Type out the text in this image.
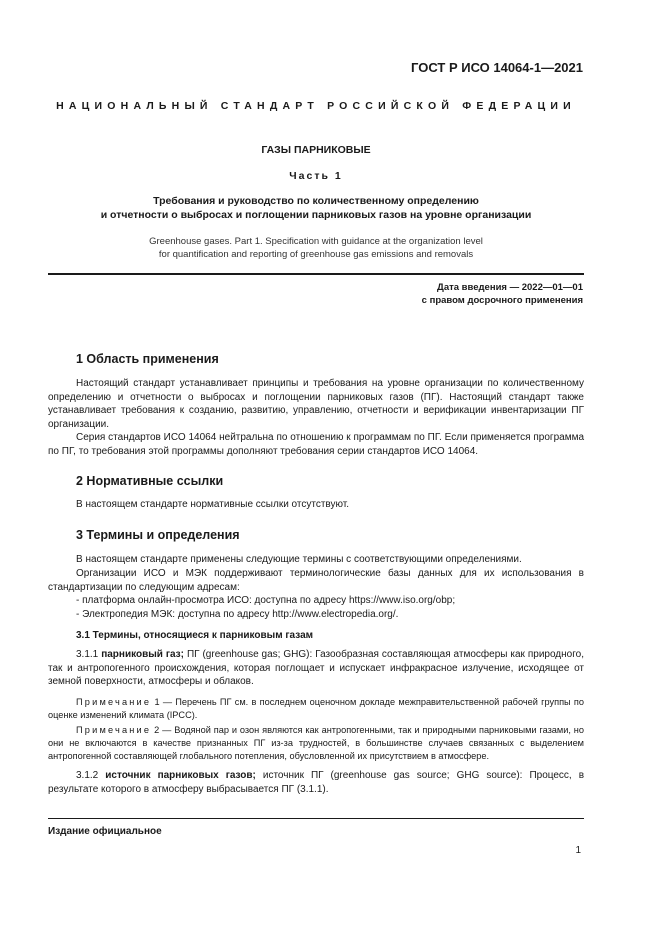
ГОСТ Р ИСО 14064-1—2021
НАЦИОНАЛЬНЫЙ СТАНДАРТ РОССИЙСКОЙ ФЕДЕРАЦИИ
ГАЗЫ ПАРНИКОВЫЕ
Часть 1
Требования и руководство по количественному определению
и отчетности о выбросах и поглощении парниковых газов на уровне организации
Greenhouse gases. Part 1. Specification with guidance at the organization level
for quantification and reporting of greenhouse gas emissions and removals
Дата введения — 2022—01—01
с правом досрочного применения
1 Область применения
Настоящий стандарт устанавливает принципы и требования на уровне организации по количественному определению и отчетности о выбросах и поглощении парниковых газов (ПГ). Настоящий стандарт также устанавливает требования к созданию, развитию, управлению, отчетности и верификации инвентаризации ПГ организации.
Серия стандартов ИСО 14064 нейтральна по отношению к программам по ПГ. Если применяется программа по ПГ, то требования этой программы дополняют требования серии стандартов ИСО 14064.
2 Нормативные ссылки
В настоящем стандарте нормативные ссылки отсутствуют.
3 Термины и определения
В настоящем стандарте применены следующие термины с соответствующими определениями.
Организации ИСО и МЭК поддерживают терминологические базы данных для их использования в стандартизации по следующим адресам:
- платформа онлайн-просмотра ИСО: доступна по адресу https://www.iso.org/obp;
- Электропедия МЭК: доступна по адресу http://www.electropedia.org/.
3.1 Термины, относящиеся к парниковым газам
3.1.1 парниковый газ; ПГ (greenhouse gas; GHG): Газообразная составляющая атмосферы как природного, так и антропогенного происхождения, которая поглощает и испускает инфракрасное излучение, исходящее от земной поверхности, атмосферы и облаков.
Примечание 1 — Перечень ПГ см. в последнем оценочном докладе межправительственной рабочей группы по оценке изменений климата (IPCC).
Примечание 2 — Водяной пар и озон являются как антропогенными, так и природными парниковыми газами, но они не включаются в качестве признанных ПГ из-за трудностей, в большинстве случаев связанных с выделением антропогенной составляющей глобального потепления, обусловленной их присутствием в атмосфере.
3.1.2 источник парниковых газов; источник ПГ (greenhouse gas source; GHG source): Процесс, в результате которого в атмосферу выбрасывается ПГ (3.1.1).
Издание официальное
1
